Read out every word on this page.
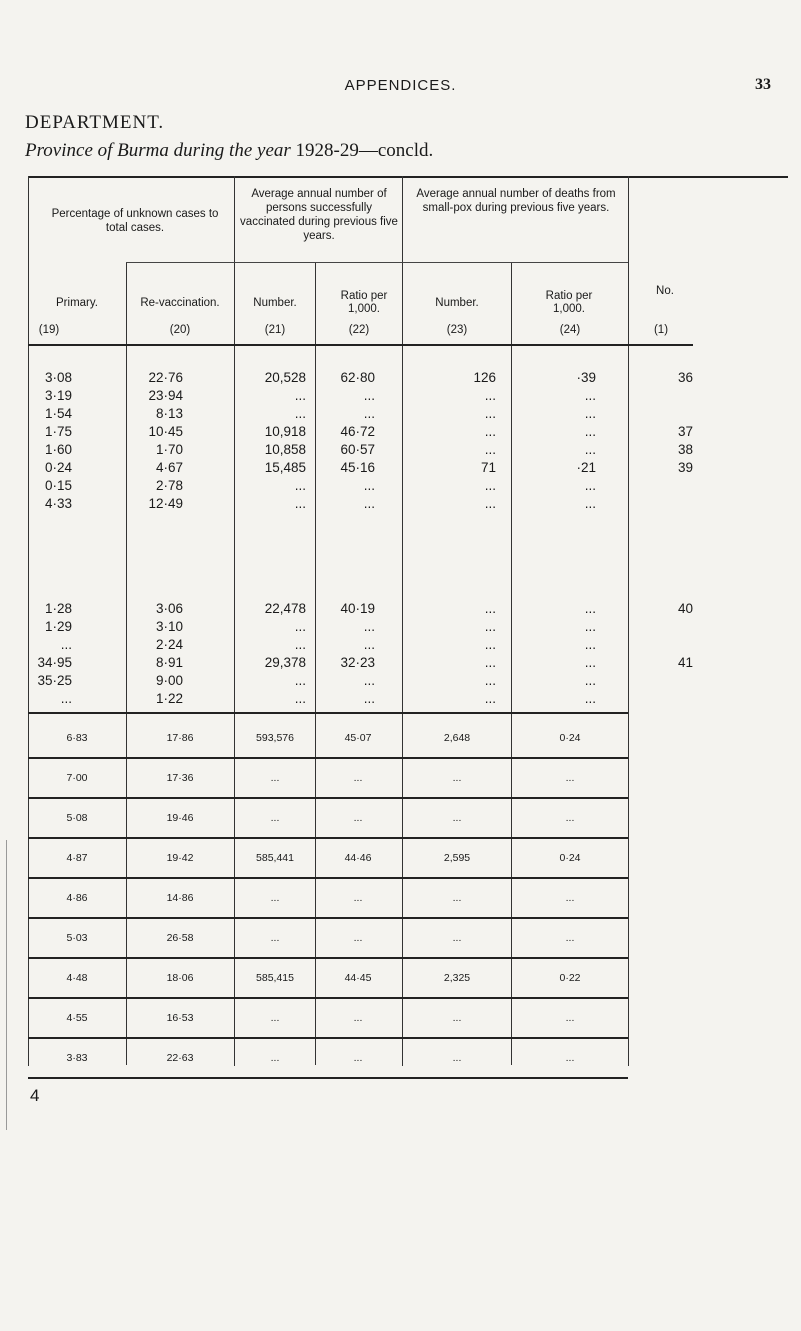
APPENDICES.	33
DEPARTMENT.
Province of Burma during the year 1928-29—concld.
Percentage of unknown cases to total cases.
Average annual number of persons successfully vaccinated during previous five years.
Average annual number of deaths from small-pox during previous five years.
No.
Primary.	Re-vaccination.	Number.
Ratio per 1,000.	Number.
Ratio per 1,000.
(19)	(20)	(21)	(22)	(23)	(24)	(1)
3·08	22·76	20,528	62·80	126	·39	36
3·19	23·94	...	...	...	...
1·54	8·13	...	...	...	...
1·75	10·45	10,918	46·72	...	...	37
1·60	1·70	10,858	60·57	...	...	38
0·24	4·67	15,485	45·16	71	·21	39
0·15	2·78	...	...	...	...
4·33	12·49	...	...	...	...
1·28	3·06	22,478	40·19	...	...	40
1·29	3·10	...	...	...	...
...	2·24	...	...	...	...
34·95	8·91	29,378	32·23	...	...	41
35·25	9·00	...	...	...	...
...	1·22	...	...	...	...
6·83	17·86	593,576	45·07	2,648	0·24
7·00	17·36	...	...	...	...
5·08	19·46	...	...	...	...
4·87	19·42	585,441	44·46	2,595	0·24
4·86	14·86	...	...	...	...
5·03	26·58	...	...	...	...
4·48	18·06	585,415	44·45	2,325	0·22
4·55	16·53	...	...	...	...
3·83	22·63	...	...	...	...
4
